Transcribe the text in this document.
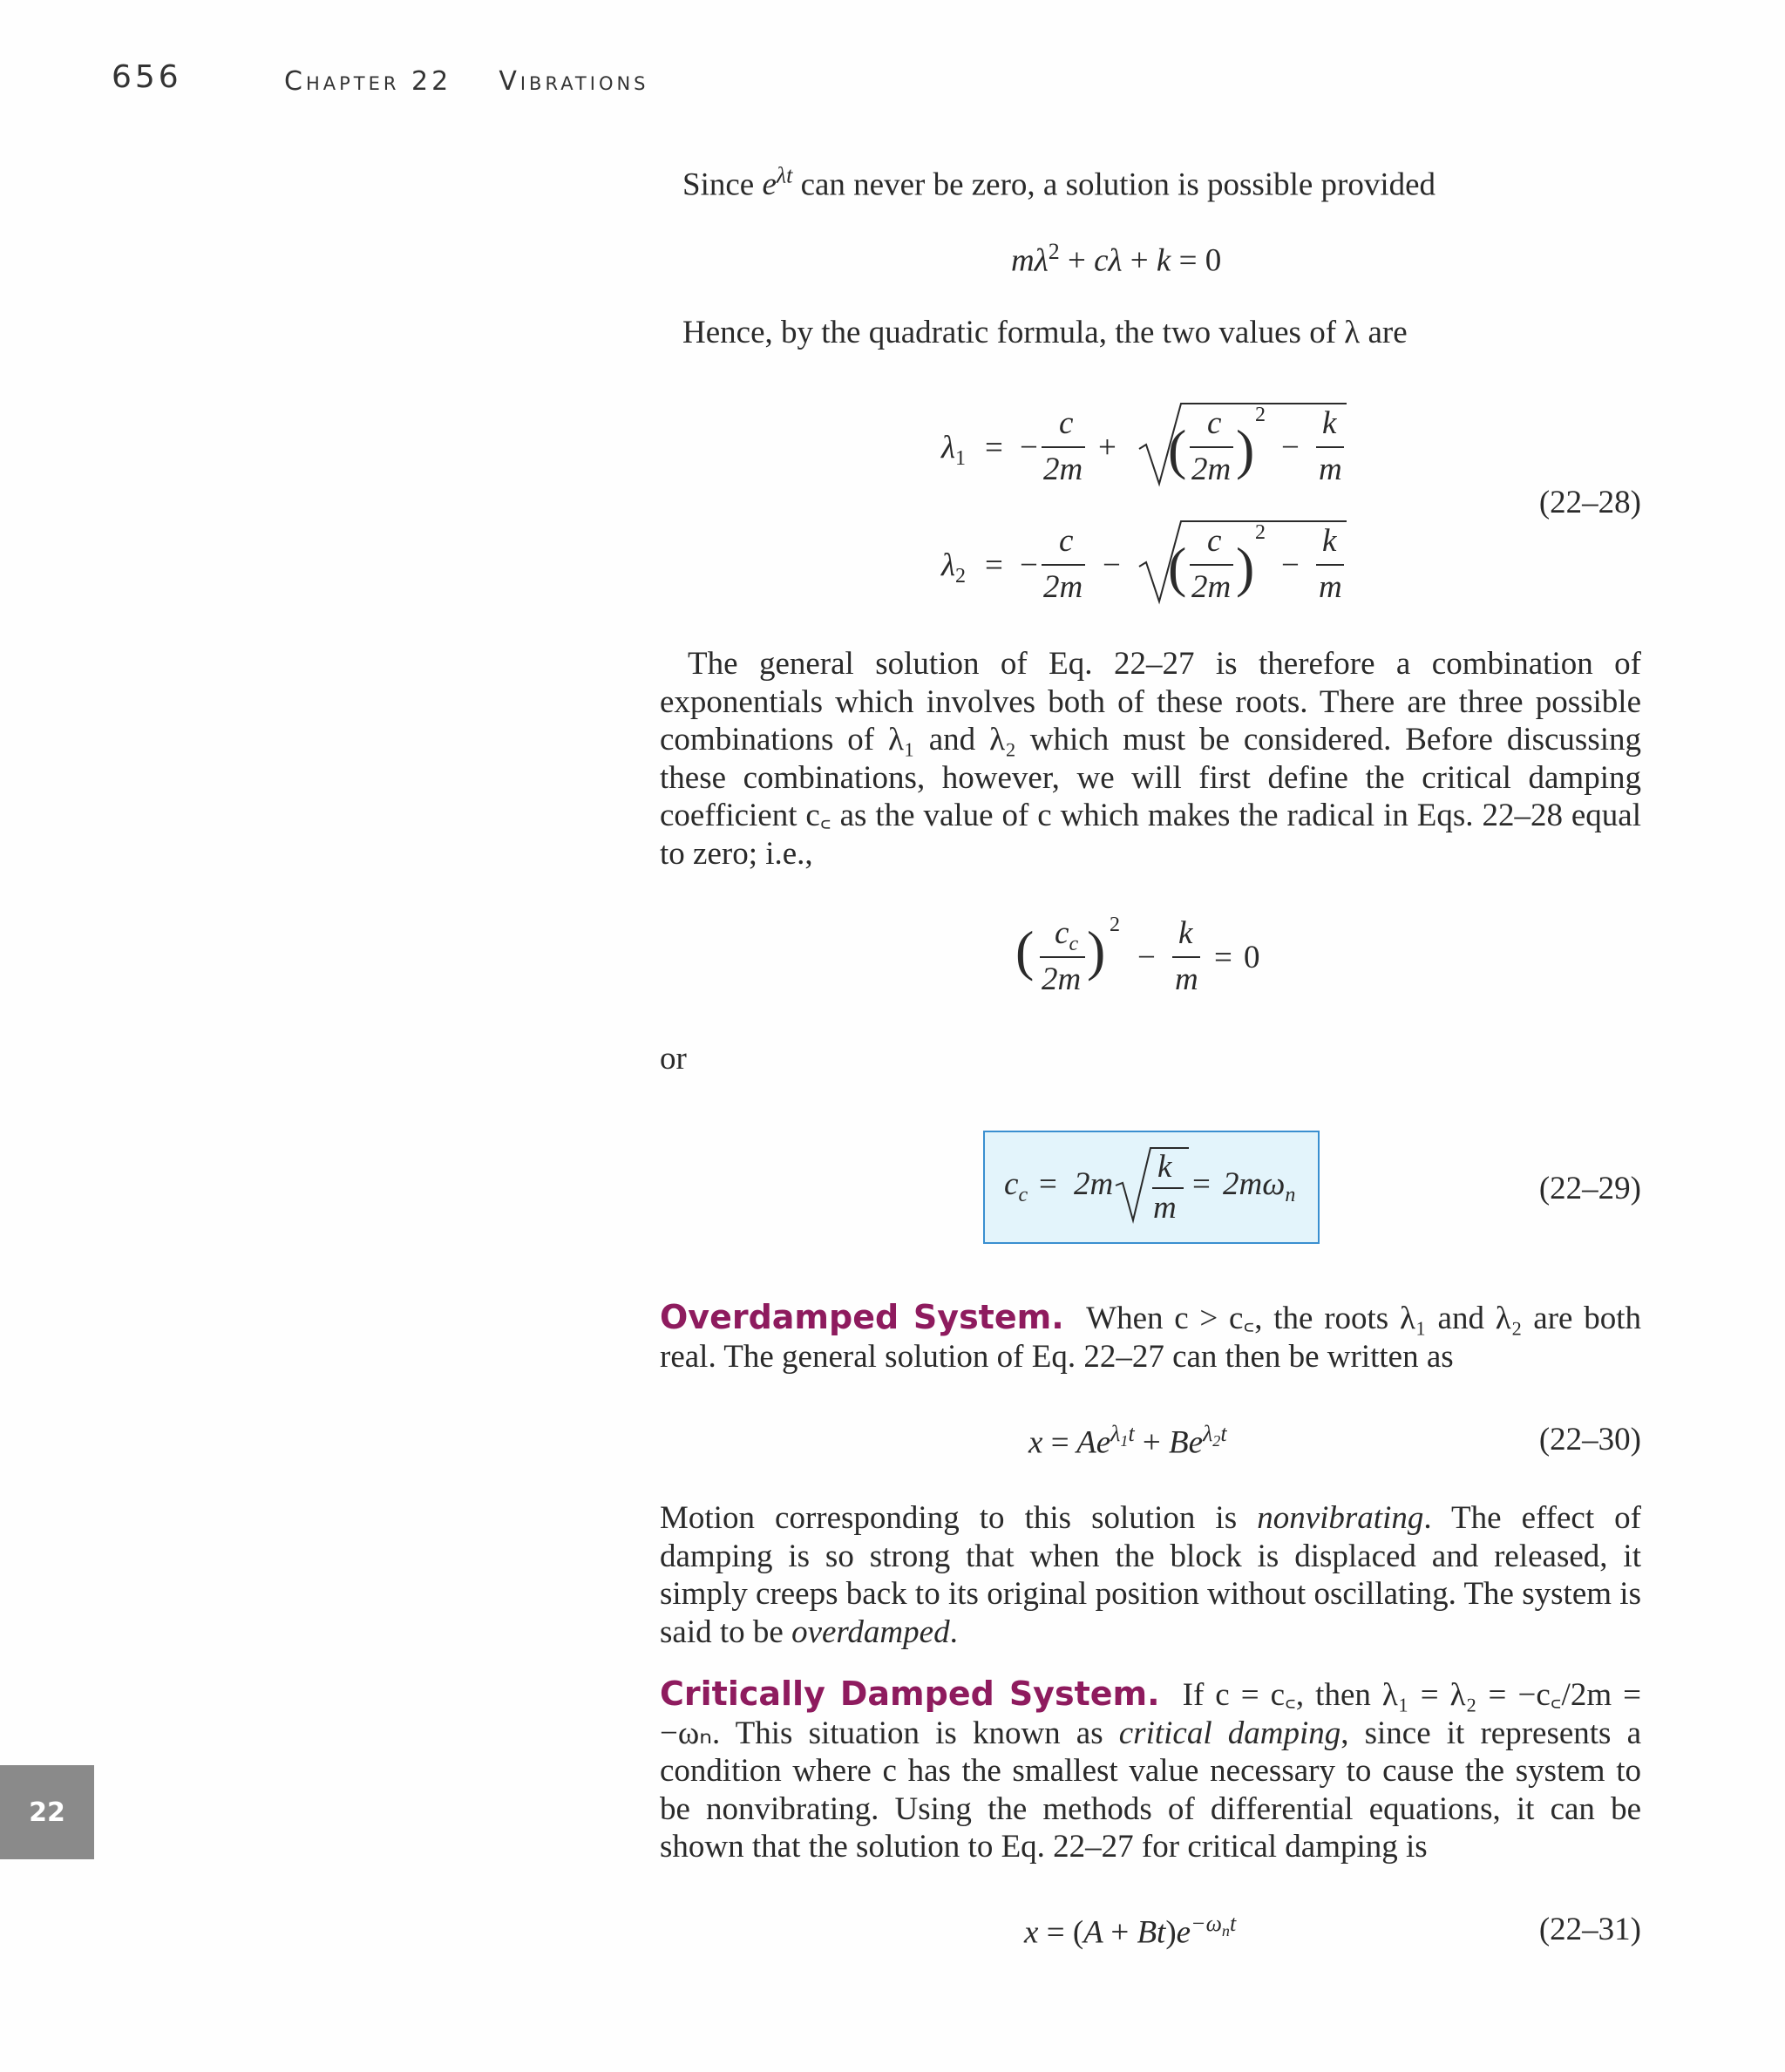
656	Chapter 22 Vibrations
Since $e^{\lambda t}$ can never be zero, a solution is possible provided
$m\lambda^2 + c\lambda + k = 0$
Hence, by the quadratic formula, the two values of λ are
$\lambda_1$ = −
c
2m
+ ( c
2m )
2
−
k
m
$\lambda_2$ = −
c
2m
− ( c
2m )
2
−
k
m
(22–28)

The general solution of Eq. 22–27 is therefore a combination of exponentials which involves both of these roots. There are three possible combinations of λ₁ and λ₂ which must be considered. Before discussing these combinations, however, we will first define the critical damping coefficient c꜀ as the value of c which makes the radical in Eqs. 22–28 equal to zero; i.e.,

( $c_c$
2m ) 2
−
k
m
= 0
or
$c_c = 2m$ k
m
= $2m\omega_n$	(22–29)

Overdamped System. When c > c꜀, the roots λ₁ and λ₂ are both real. The general solution of Eq. 22–27 can then be written as

$x = Ae^{\lambda_1t} + Be^{\lambda_2t}$	(22–30)

Motion corresponding to this solution is nonvibrating. The effect of damping is so strong that when the block is displaced and released, it simply creeps back to its original position without oscillating. The system is said to be overdamped.

Critically Damped System. If c = c꜀, then λ₁ = λ₂ = −c꜀/2m = −ωₙ. This situation is known as critical damping, since it represents a condition where c has the smallest value necessary to cause the system to be nonvibrating. Using the methods of differential equations, it can be shown that the solution to Eq. 22–27 for critical damping is

$x = (A + Bt)e^{-\omega_nt}$	(22–31)
22
